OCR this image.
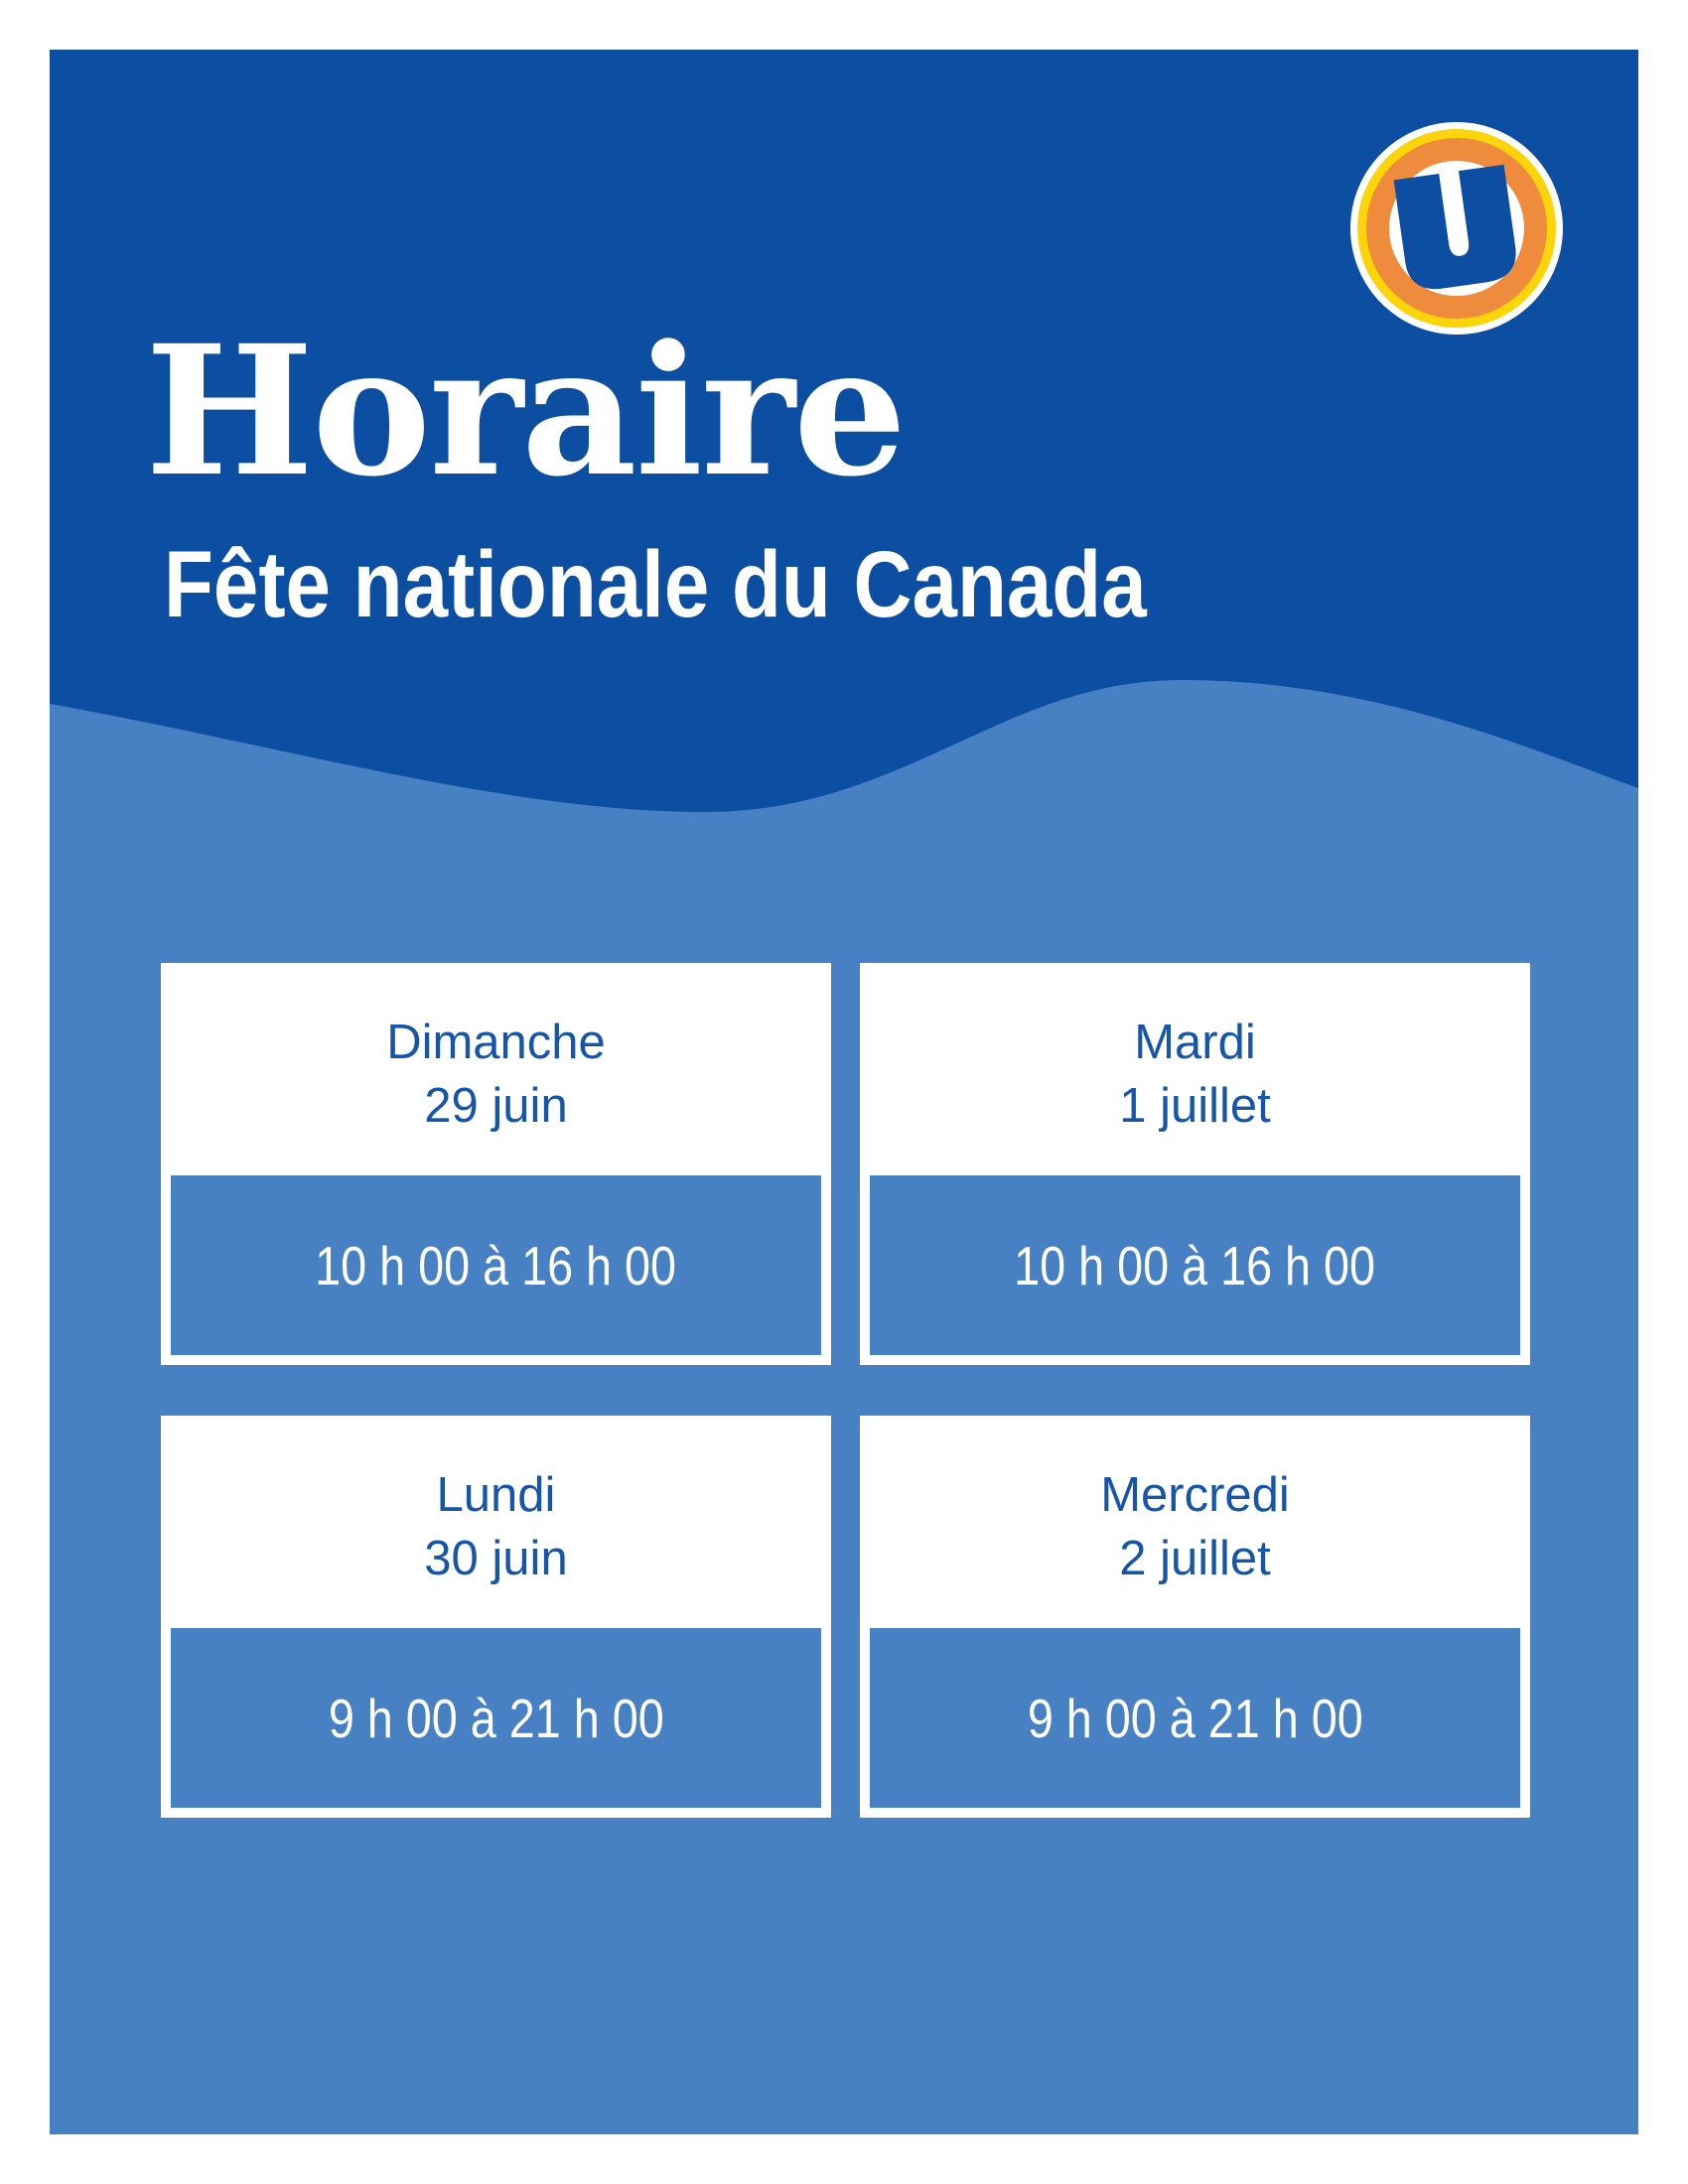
Horaire
Fête nationale du Canada
Dimanche
29 juin
10 h 00 à 16 h 00
Mardi
1 juillet
10 h 00 à 16 h 00
Lundi
30 juin
9 h 00 à 21 h 00
Mercredi
2 juillet
9 h 00 à 21 h 00
